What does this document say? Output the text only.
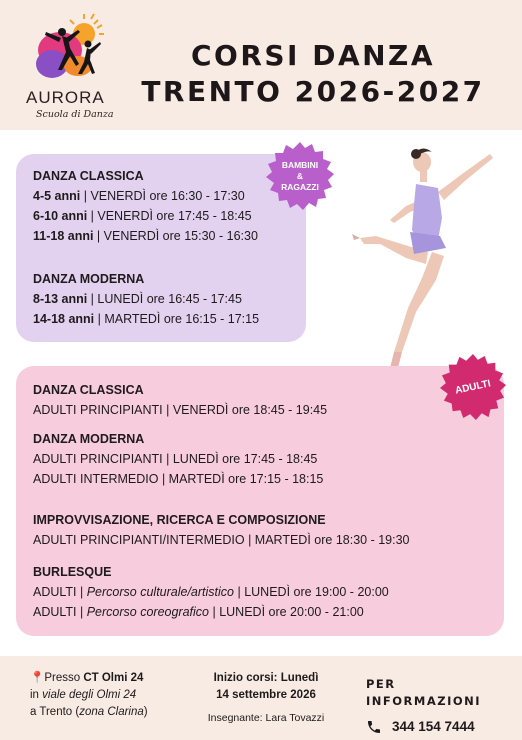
AURORA
Scuola di Danza
CORSI DANZA
TRENTO 2026-2027
DANZA CLASSICA
4-5 anni | VENERDÌ ore 16:30 - 17:30
6-10 anni | VENERDÌ ore 17:45 - 18:45
11-18 anni | VENERDÌ ore 15:30 - 16:30
DANZA MODERNA
8-13 anni | LUNEDÌ ore 16:45 - 17:45
14-18 anni | MARTEDÌ ore 16:15 - 17:15
BAMBINI
&
RAGAZZI
ADULTI
DANZA CLASSICA
ADULTI PRINCIPIANTI | VENERDÌ ore 18:45 - 19:45
DANZA MODERNA
ADULTI PRINCIPIANTI | LUNEDÌ ore 17:45 - 18:45
ADULTI INTERMEDIO | MARTEDÌ ore 17:15 - 18:15
IMPROVVISAZIONE, RICERCA E COMPOSIZIONE
ADULTI PRINCIPIANTI/INTERMEDIO | MARTEDÌ ore 18:30 - 19:30
BURLESQUE
ADULTI | Percorso culturale/artistico | LUNEDÌ ore 19:00 - 20:00
ADULTI | Percorso coreografico | LUNEDÌ ore 20:00 - 21:00
📍Presso CT Olmi 24
in viale degli Olmi 24
a Trento (zona Clarina)
Inizio corsi: Lunedì
14 settembre 2026
Insegnante: Lara Tovazzi
PER INFORMAZIONI
344 154 7444
